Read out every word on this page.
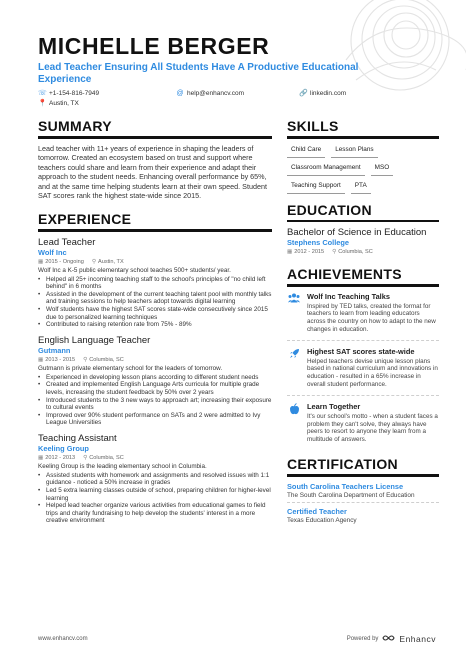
MICHELLE BERGER
Lead Teacher Ensuring All Students Have A Productive Educational Experience
☏ +1-154-816-7949	@ help@enhancv.com	🔗 linkedin.com
📍 Austin, TX
SUMMARY
Lead teacher with 11+ years of experience in shaping the leaders of tomorrow. Created an ecosystem based on trust and support where teachers could share and learn from their experience and adapt their approach to the student needs. Enhancing overall performance by 65%, and at the same time helping students learn at their own speed. Student SAT scores rank the highest state-wide since 2015.
EXPERIENCE
Lead Teacher
Wolf Inc
▦ 2015 - Ongoing ⚲ Austin, TX
Wolf Inc a K-5 public elementary school teaches 500+ students/ year.
• Helped all 25+ incoming teaching staff to the school's principles of "no child left behind" in 6 months
• Assisted in the development of the current teaching talent pool with monthly talks and training sessions to help teachers adopt towards digital learning
• Wolf students have the highest SAT scores state-wide consecutively since 2015 due to personalized learning techniques
• Contributed to raising retention rate from 75% - 89%
English Language Teacher
Gutmann
▦ 2013 - 2015 ⚲ Columbia, SC
Gutmann is private elementary school for the leaders of tomorrow.
• Experienced in developing lesson plans according to different student needs
• Created and implemented English Language Arts curricula for multiple grade levels, increasing the student feedback by 50% over 2 years
• Introduced students to the 3 new ways to approach art; increasing their exposure to cultural events
• Improved over 90% student performance on SATs and 2 were admitted to Ivy League Universities
Teaching Assistant
Keeling Group
▦ 2012 - 2013 ⚲ Columbia, SC
Keeling Group is the leading elementary school in Columbia.
• Assisted students with homework and assignments and resolved issues with 1:1 guidance - noticed a 50% increase in grades
• Led 5 extra learning classes outside of school, preparing children for higher-level learning
• Helped lead teacher organize various activities from educational games to field trips and charity fundraising to help develop the students' interest in a more creative environment
SKILLS
Child Care	Lesson Plans
Classroom Management	MSO
Teaching Support	PTA
EDUCATION
Bachelor of Science in Education
Stephens College
▦ 2012 - 2015 ⚲ Columbia, SC
ACHIEVEMENTS
Wolf Inc Teaching Talks
Inspired by TED talks, created the format for teachers to learn from leading educators across the country on how to adapt to the new changes in education.
Highest SAT scores state-wide
Helped teachers devise unique lesson plans based in national curriculum and innovations in education - resulted in a 65% increase in overall student performance.
Learn Together
It's our school's motto - when a student faces a problem they can't solve, they always have peers to resort to anyone they learn from a multitude of answers.
CERTIFICATION
South Carolina Teachers License
The South Carolina Department of Education
Certified Teacher
Texas Education Agency
www.enhancv.com	Powered by Enhancv
